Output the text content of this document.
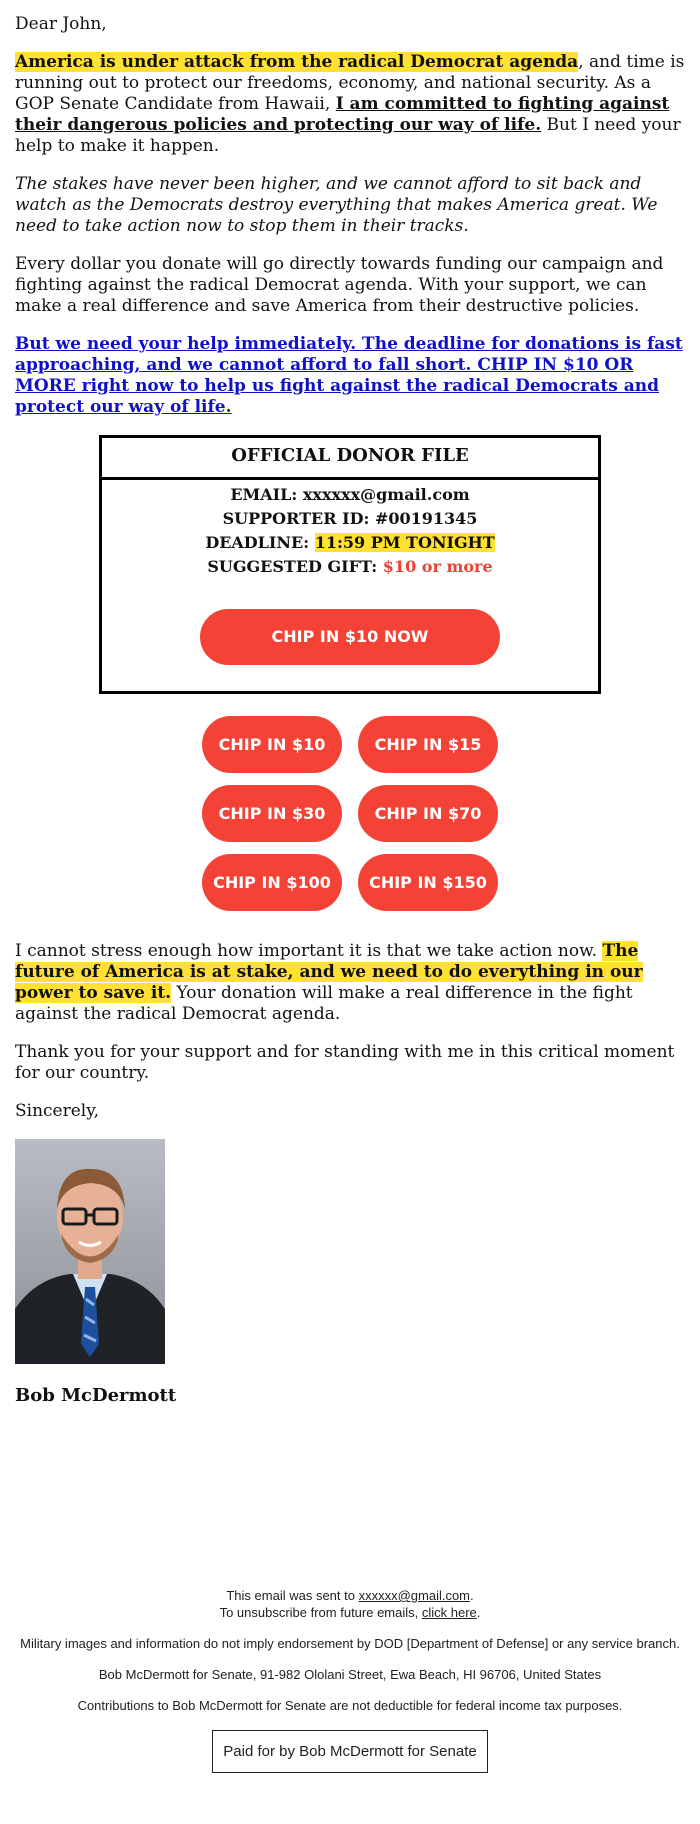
Dear John,

America is under attack from the radical Democrat agenda, and time is running out to protect our freedoms, economy, and national security. As a GOP Senate Candidate from Hawaii, I am committed to fighting against their dangerous policies and protecting our way of life. But I need your help to make it happen.

The stakes have never been higher, and we cannot afford to sit back and watch as the Democrats destroy everything that makes America great. We need to take action now to stop them in their tracks.

Every dollar you donate will go directly towards funding our campaign and fighting against the radical Democrat agenda. With your support, we can make a real difference and save America from their destructive policies.

But we need your help immediately. The deadline for donations is fast approaching, and we cannot afford to fall short. CHIP IN $10 OR MORE right now to help us fight against the radical Democrats and protect our way of life.

OFFICIAL DONOR FILE
EMAIL: xxxxxx@gmail.com
SUPPORTER ID: #00191345
DEADLINE: 11:59 PM TONIGHT
SUGGESTED GIFT: $10 or more
CHIP IN $10 NOW
CHIP IN $10	CHIP IN $15
CHIP IN $30	CHIP IN $70
CHIP IN $100	CHIP IN $150

I cannot stress enough how important it is that we take action now. The future of America is at stake, and we need to do everything in our power to save it. Your donation will make a real difference in the fight against the radical Democrat agenda.

Thank you for your support and for standing with me in this critical moment for our country.

Sincerely,

Bob McDermott

This email was sent to xxxxxx@gmail.com.
To unsubscribe from future emails, click here.

Military images and information do not imply endorsement by DOD [Department of Defense] or any service branch.

Bob McDermott for Senate, 91-982 Ololani Street, Ewa Beach, HI 96706, United States

Contributions to Bob McDermott for Senate are not deductible for federal income tax purposes.

Paid for by Bob McDermott for Senate
